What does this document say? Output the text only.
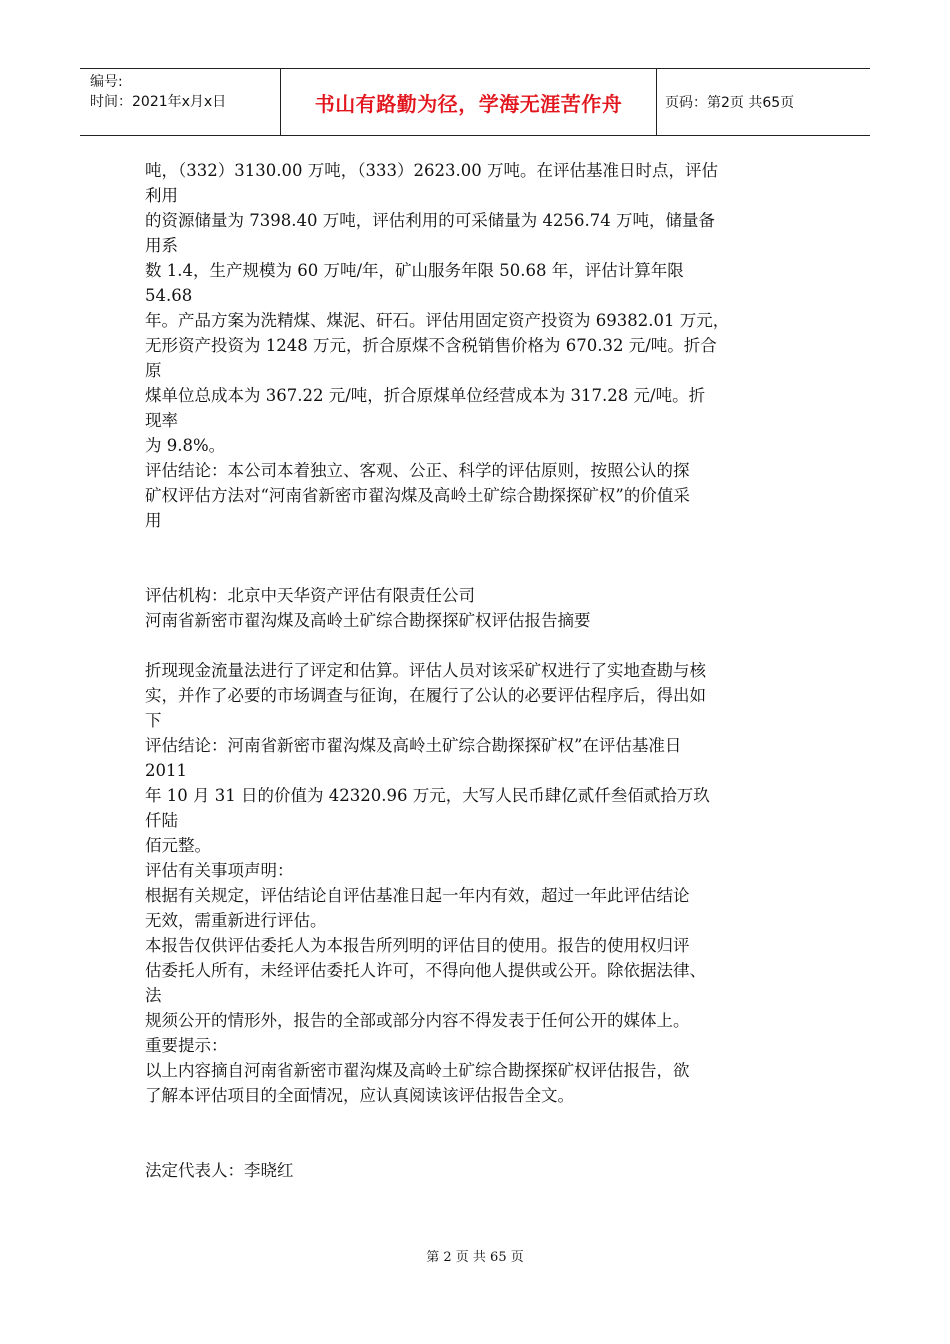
编号:
时间：2021年x月x日	书山有路勤为径，学海无涯苦作舟	页码：第2页 共65页
吨，（332）3130.00 万吨，（333）2623.00 万吨。在评估基准日时点，评估
利用
的资源储量为 7398.40 万吨，评估利用的可采储量为 4256.74 万吨，储量备
用系
数 1.4，生产规模为 60 万吨/年，矿山服务年限 50.68 年，评估计算年限
54.68
年。产品方案为洗精煤、煤泥、矸石。评估用固定资产投资为 69382.01 万元，
无形资产投资为 1248 万元，折合原煤不含税销售价格为 670.32 元/吨。折合
原
煤单位总成本为 367.22 元/吨，折合原煤单位经营成本为 317.28 元/吨。折
现率
为 9.8%。
评估结论：本公司本着独立、客观、公正、科学的评估原则，按照公认的探
矿权评估方法对“河南省新密市翟沟煤及高岭土矿综合勘探探矿权”的价值采
用
评估机构：北京中天华资产评估有限责任公司
河南省新密市翟沟煤及高岭土矿综合勘探探矿权评估报告摘要
折现现金流量法进行了评定和估算。评估人员对该采矿权进行了实地查勘与核
实，并作了必要的市场调查与征询，在履行了公认的必要评估程序后，得出如
下
评估结论：河南省新密市翟沟煤及高岭土矿综合勘探探矿权”在评估基准日
2011
年 10 月 31 日的价值为 42320.96 万元，大写人民币肆亿贰仟叁佰贰拾万玖
仟陆
佰元整。
评估有关事项声明：
根据有关规定，评估结论自评估基准日起一年内有效，超过一年此评估结论
无效，需重新进行评估。
本报告仅供评估委托人为本报告所列明的评估目的使用。报告的使用权归评
估委托人所有，未经评估委托人许可，不得向他人提供或公开。除依据法律、
法
规须公开的情形外，报告的全部或部分内容不得发表于任何公开的媒体上。
重要提示：
以上内容摘自河南省新密市翟沟煤及高岭土矿综合勘探探矿权评估报告，欲
了解本评估项目的全面情况，应认真阅读该评估报告全文。
法定代表人：李晓红
第 2 页 共 65 页
